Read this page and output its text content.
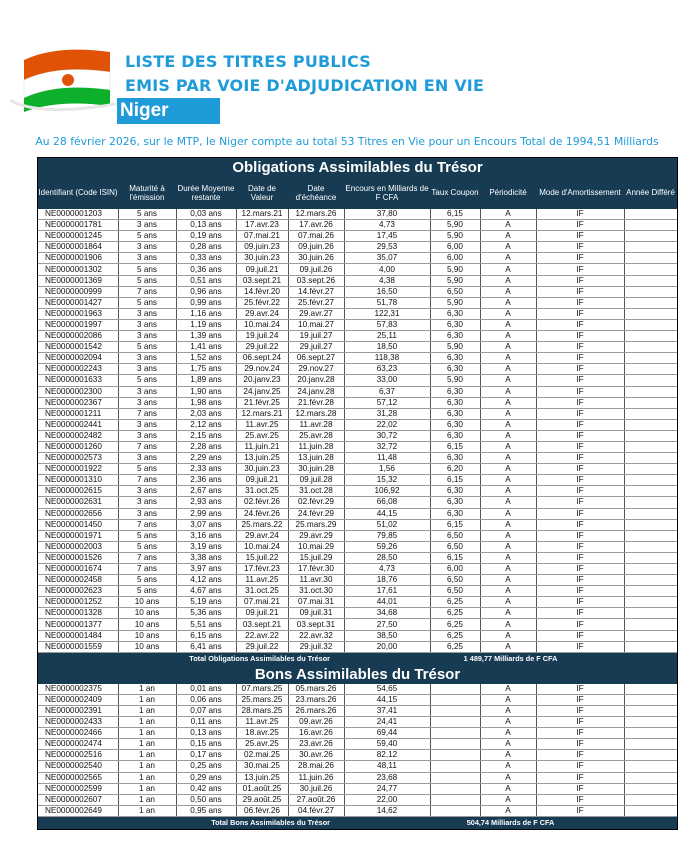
LISTE DES TITRES PUBLICS
EMIS PAR VOIE D'ADJUDICATION EN VIE
Niger
Au 28 février 2026, sur le MTP, le Niger compte au total 53 Titres en Vie pour un Encours Total de 1994,51 Milliards
Obligations Assimilables du Trésor									
Identifiant (Code ISIN)	Maturité à l'émission	Durée Moyenne restante	Date de Valeur	Date d'échéance	Encours en Milliards de F CFA	Taux Coupon	Périodicité	Mode d'Amortissement	Année Différé
NE0000001203	5 ans	0,03 ans	12.mars.21	12.mars.26	37,80	6,15	A	IF	
NE0000001781	3 ans	0,13 ans	17.avr.23	17.avr.26	4,73	5,90	A	IF	
NE0000001245	5 ans	0,19 ans	07.mai.21	07.mai.26	17,45	5,90	A	IF	
NE0000001864	3 ans	0,28 ans	09.juin.23	09.juin.26	29,53	6,00	A	IF	
NE0000001906	3 ans	0,33 ans	30.juin.23	30.juin.26	35,07	6,00	A	IF	
NE0000001302	5 ans	0,36 ans	09.juil.21	09.juil.26	4,00	5,90	A	IF	
NE0000001369	5 ans	0,51 ans	03.sept.21	03.sept.26	4,38	5,90	A	IF	
NE0000000999	7 ans	0,96 ans	14.févr.20	14.févr.27	16,50	6,50	A	IF	
NE0000001427	5 ans	0,99 ans	25.févr.22	25.févr.27	51,78	5,90	A	IF	
NE0000001963	3 ans	1,16 ans	29.avr.24	29.avr.27	122,31	6,30	A	IF	
NE0000001997	3 ans	1,19 ans	10.mai.24	10.mai.27	57,83	6,30	A	IF	
NE0000002086	3 ans	1,39 ans	19.juil.24	19.juil.27	25,11	6,30	A	IF	
NE0000001542	5 ans	1,41 ans	29.juil.22	29.juil.27	18,50	5,90	A	IF	
NE0000002094	3 ans	1,52 ans	06.sept.24	06.sept.27	118,38	6,30	A	IF	
NE0000002243	3 ans	1,75 ans	29.nov.24	29.nov.27	63,23	6,30	A	IF	
NE0000001633	5 ans	1,89 ans	20.janv.23	20.janv.28	33,00	5,90	A	IF	
NE0000002300	3 ans	1,90 ans	24.janv.25	24.janv.28	6,37	6,30	A	IF	
NE0000002367	3 ans	1,98 ans	21.févr.25	21.févr.28	57,12	6,30	A	IF	
NE0000001211	7 ans	2,03 ans	12.mars.21	12.mars.28	31,28	6,30	A	IF	
NE0000002441	3 ans	2,12 ans	11.avr.25	11.avr.28	22,02	6,30	A	IF	
NE0000002482	3 ans	2,15 ans	25.avr.25	25.avr.28	30,72	6,30	A	IF	
NE0000001260	7 ans	2,28 ans	11.juin.21	11.juin.28	32,72	6,15	A	IF	
NE0000002573	3 ans	2,29 ans	13.juin.25	13.juin.28	11,48	6,30	A	IF	
NE0000001922	5 ans	2,33 ans	30.juin.23	30.juin.28	1,56	6,20	A	IF	
NE0000001310	7 ans	2,36 ans	09.juil.21	09.juil.28	15,32	6,15	A	IF	
NE0000002615	3 ans	2,67 ans	31.oct.25	31.oct.28	106,92	6,30	A	IF	
NE0000002631	3 ans	2,93 ans	02.févr.26	02.févr.29	66,08	6,30	A	IF	
NE0000002656	3 ans	2,99 ans	24.févr.26	24.févr.29	44,15	6,30	A	IF	
NE0000001450	7 ans	3,07 ans	25.mars.22	25.mars.29	51,02	6,15	A	IF	
NE0000001971	5 ans	3,16 ans	29.avr.24	29.avr.29	79,85	6,50	A	IF	
NE0000002003	5 ans	3,19 ans	10.mai.24	10.mai.29	59,26	6,50	A	IF	
NE0000001526	7 ans	3,38 ans	15.juil.22	15.juil.29	28,50	6,15	A	IF	
NE0000001674	7 ans	3,97 ans	17.févr.23	17.févr.30	4,73	6,00	A	IF	
NE0000002458	5 ans	4,12 ans	11.avr.25	11.avr.30	18,76	6,50	A	IF	
NE0000002623	5 ans	4,67 ans	31.oct.25	31.oct.30	17,61	6,50	A	IF	
NE0000001252	10 ans	5,19 ans	07.mai.21	07.mai.31	44,01	6,25	A	IF	
NE0000001328	10 ans	5,36 ans	09.juil.21	09.juil.31	34,68	6,25	A	IF	
NE0000001377	10 ans	5,51 ans	03.sept.21	03.sept.31	27,50	6,25	A	IF	
NE0000001484	10 ans	6,15 ans	22.avr.22	22.avr.32	38,50	6,25	A	IF	
NE0000001559	10 ans	6,41 ans	29.juil.22	29.juil.32	20,00	6,25	A	IF	
Total Obligations Assimilables du Trésor					1 489,77 Milliards de F CFA				
Bons Assimilables du Trésor									
NE0000002375	1 an	0,01 ans	07.mars.25	05.mars.26	54,65		A	IF	
NE0000002409	1 an	0,06 ans	25.mars.25	23.mars.26	44,15		A	IF	
NE0000002391	1 an	0,07 ans	28.mars.25	26.mars.26	37,41		A	IF	
NE0000002433	1 an	0,11 ans	11.avr.25	09.avr.26	24,41		A	IF	
NE0000002466	1 an	0,13 ans	18.avr.25	16.avr.26	69,44		A	IF	
NE0000002474	1 an	0,15 ans	25.avr.25	23.avr.26	59,40		A	IF	
NE0000002516	1 an	0,17 ans	02.mai.25	30.avr.26	82,12		A	IF	
NE0000002540	1 an	0,25 ans	30.mai.25	28.mai.26	48,11		A	IF	
NE0000002565	1 an	0,29 ans	13.juin.25	11.juin.26	23,68		A	IF	
NE0000002599	1 an	0,42 ans	01.août.25	30.juil.26	24,77		A	IF	
NE0000002607	1 an	0,50 ans	29.août.25	27.août.26	22,00		A	IF	
NE0000002649	1 an	0,95 ans	06.févr.26	04.févr.27	14,62		A	IF	
Total Bons Assimilables du Trésor					504,74 Milliards de F CFA				
